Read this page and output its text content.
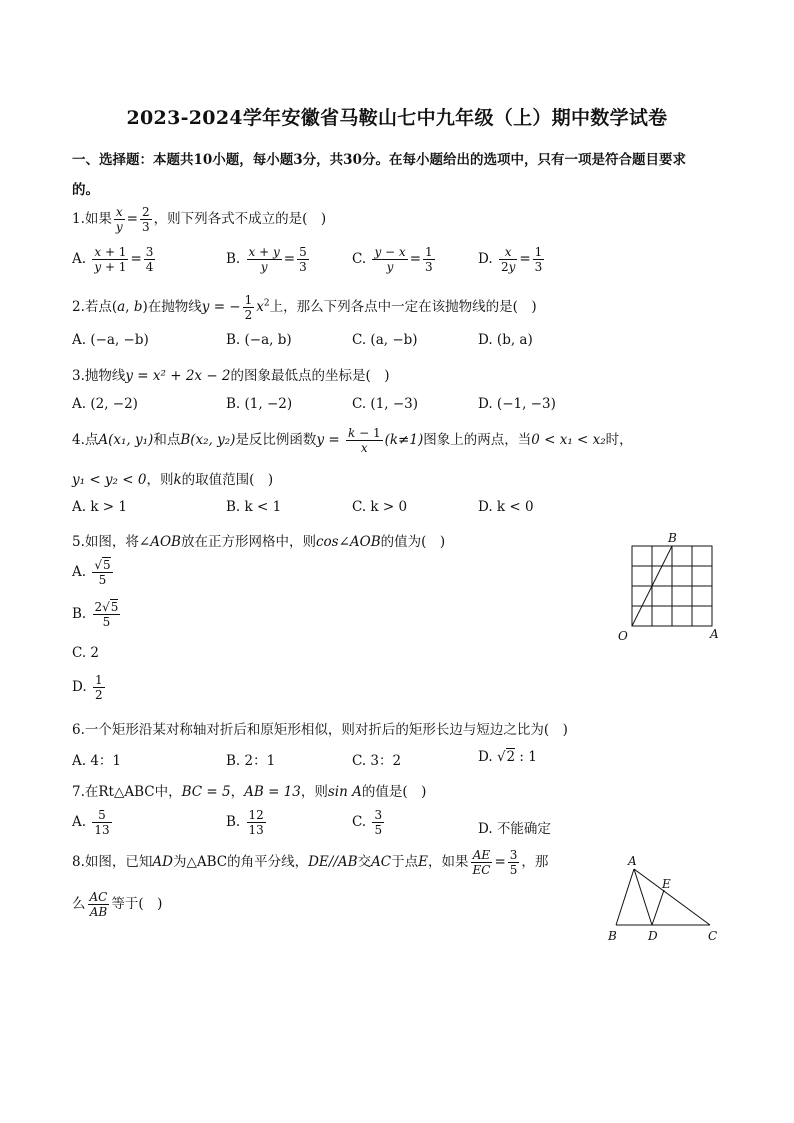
2023-2024学年安徽省马鞍山七中九年级（上）期中数学试卷
一、选择题：本题共10小题，每小题3分，共30分。在每小题给出的选项中，只有一项是符合题目要求
的。
1.如果 $\frac{x}{y} = \frac{2}{3}$ ，则下列各式不成立的是(　)
A. $\frac{x + 1}{y + 1} = \frac{3}{4}$	B. $\frac{x + y}{y} = \frac{5}{3}$	C. $\frac{y - x}{y} = \frac{1}{3}$	D. $\frac{x}{2y} = \frac{1}{3}$
2.若点(a, b)在抛物线y = − $\frac{1}{2} x^2$上，那么下列各点中一定在该抛物线的是(　)
A. (−a, −b)	B. (−a, b)	C. (a, −b)	D. (b, a)
3.抛物线y = x² + 2x − 2的图象最低点的坐标是(　)
A. (2, −2)	B. (1, −2)	C. (1, −3)	D. (−1, −3)
4.点A(x₁, y₁)和点B(x₂, y₂)是反比例函数$y = \frac{k - 1}{x} (k\ne 1)$图象上的两点，当0 < x₁ < x₂时，
y₁ < y₂ < 0，则k的取值范围(　)
A. k > 1	B. k < 1	C. k > 0	D. k < 0
5.如图，将∠AOB放在正方形网格中，则cos∠AOB的值为(　)
A. $\frac{√5}{5}$
B. $\frac{2√5}{5}$
C. 2
D. $\frac{1}{2}$
B
O	A
6.一个矩形沿某对称轴对折后和原矩形相似，则对折后的矩形长边与短边之比为(　)
A. 4：1	B. 2：1	C. 3：2	D. √2 : 1
7.在Rt△ABC中，BC = 5，AB = 13，则sin A的值是(　)
A. $\frac{5}{13}$	B. $\frac{12}{13}$	C. $\frac{3}{5}$	D. 不能确定
8.如图，已知AD为△ABC的角平分线，DE//AB交AC于点E，如果 $\frac{AE}{EC} = \frac{3}{5}$ ，那
么 $\frac{AC}{AB}$ 等于(　)
A
E
B	D	C
